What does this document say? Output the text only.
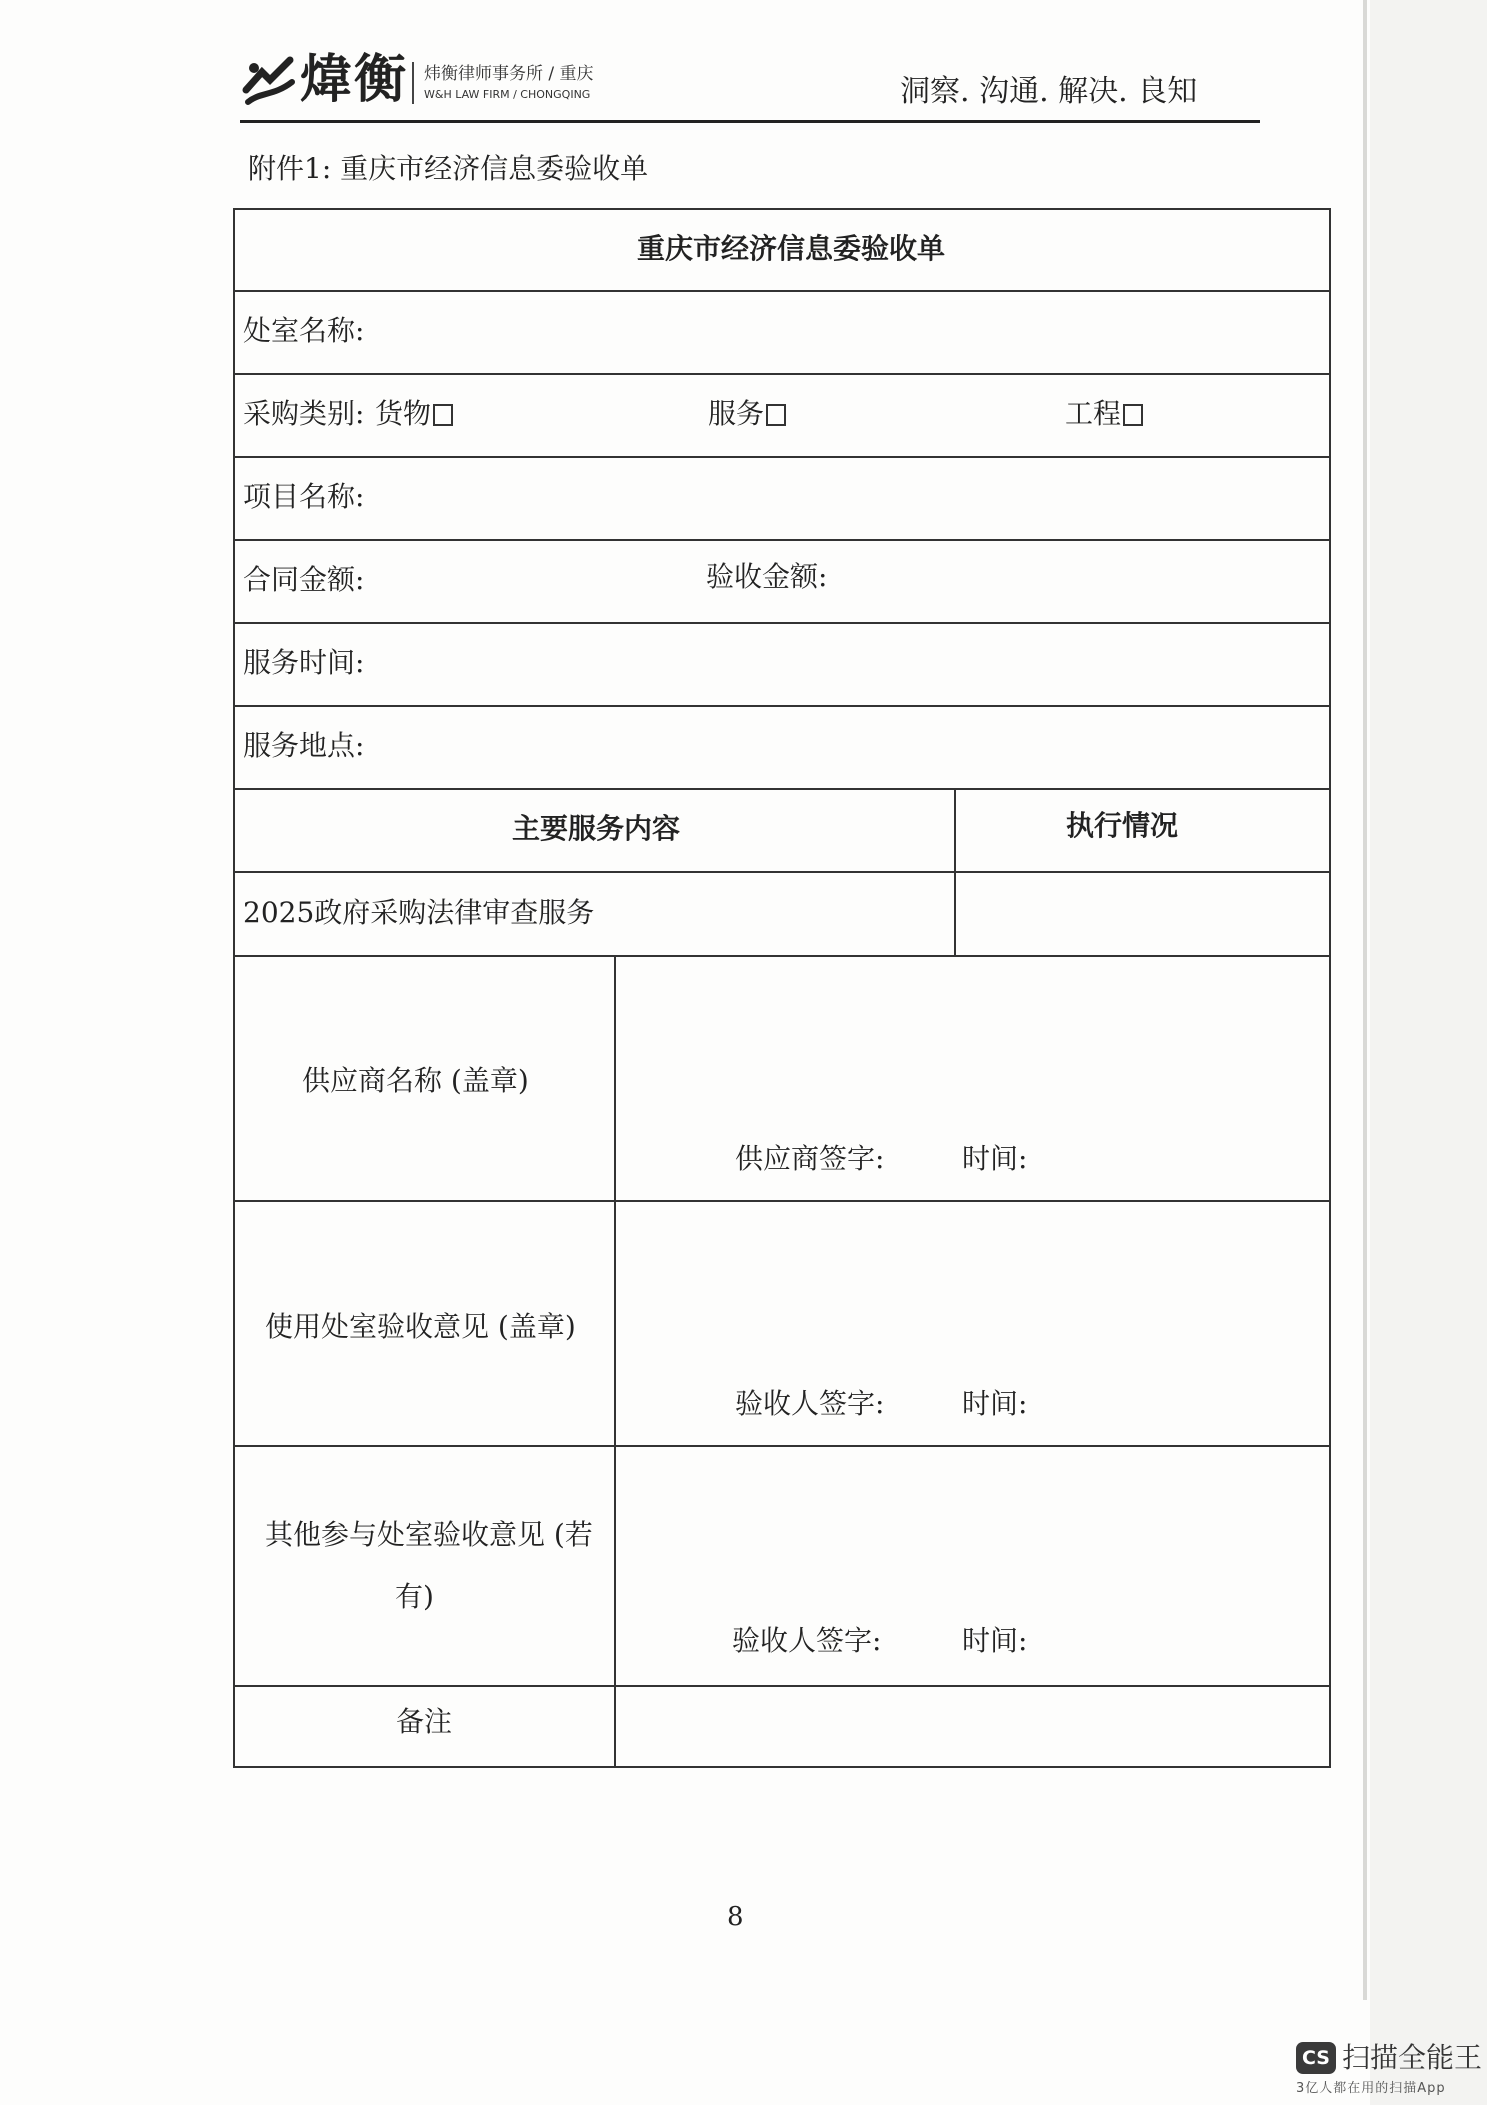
煒衡 炜衡律师事务所 / 重庆
W&H LAW FIRM / CHONGQING	洞察. 沟通. 解决. 良知
附件1: 重庆市经济信息委验收单
重庆市经济信息委验收单
处室名称:
采购类别: 货物	服务	工程
项目名称:
合同金额:	验收金额:
服务时间:
服务地点:
主要服务内容	执行情况
2025政府采购法律审查服务
供应商名称 (盖章)
供应商签字:	时间:
使用处室验收意见 (盖章)
验收人签字:	时间:
其他参与处室验收意见 (若
有)
验收人签字:	时间:
备注
8
CS 扫描全能王
3亿人都在用的扫描App
